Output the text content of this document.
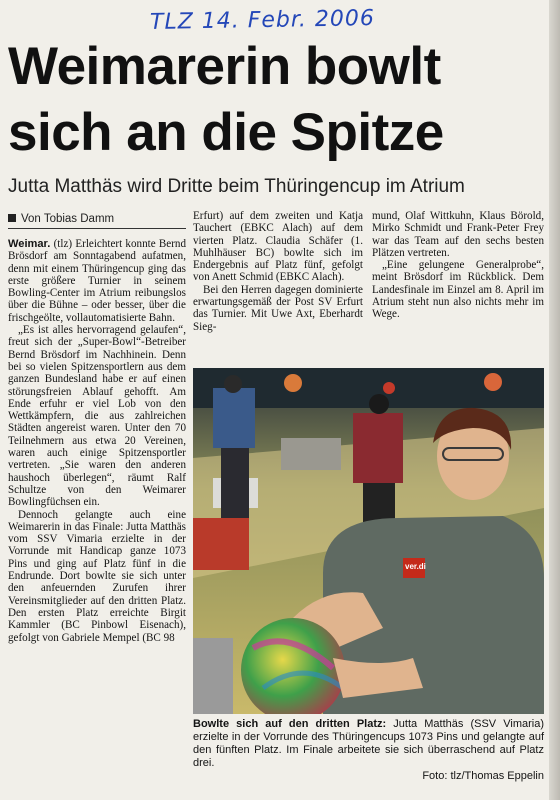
TLZ 14. Febr. 2006
Weimarerin bowlt
sich an die Spitze
Jutta Matthäs wird Dritte beim Thüringencup im Atrium
Von Tobias Damm

Weimar. (tlz) Erleichtert konnte Bernd Brösdorf am Sonntagabend aufatmen, denn mit einem Thüringencup ging das erste größere Turnier in seinem Bowling-Center im Atrium reibungslos über die Bühne – oder besser, über die frischgeölte, vollautomatisierte Bahn.

„Es ist alles hervorragend gelaufen“, freut sich der „Super-Bowl“-Betreiber Bernd Brösdorf im Nachhinein. Denn bei so vielen Spitzensportlern aus dem ganzen Bundesland habe er auf einen störungsfreien Ablauf gehofft. Am Ende erfuhr er viel Lob von den Wettkämpfern, die aus zahlreichen Städten angereist waren. Unter den 70 Teilnehmern aus etwa 20 Vereinen, waren auch einige Spitzensportler vertreten. „Sie waren den anderen haushoch überlegen“, räumt Ralf Schultze von den Weimarer Bowlingfüchsen ein.

Dennoch gelangte auch eine Weimarerin in das Finale: Jutta Matthäs vom SSV Vimaria erzielte in der Vorrunde mit Handicap ganze 1073 Pins und ging auf Platz fünf in die Endrunde. Dort bowlte sie sich unter den anfeuernden Zurufen ihrer Vereinsmitglieder auf den dritten Platz. Den ersten Platz erreichte Birgit Kammler (BC Pinbowl Eisenach), gefolgt von Gabriele Mempel (BC 98

Erfurt) auf dem zweiten und Katja Tauchert (EBKC Alach) auf dem vierten Platz. Claudia Schäfer (1. Muhlhäuser BC) bowlte sich im Endergebnis auf Platz fünf, gefolgt von Anett Schmid (EBKC Alach).

Bei den Herren dagegen dominierte erwartungsgemäß der Post SV Erfurt das Turnier. Mit Uwe Axt, Eberhardt Sieg-

mund, Olaf Wittkuhn, Klaus Börold, Mirko Schmidt und Frank-Peter Frey war das Team auf den sechs besten Plätzen vertreten.

„Eine gelungene Generalprobe“, meint Brösdorf im Rückblick. Dem Landesfinale im Einzel am 8. April im Atrium steht nun also nichts mehr im Wege.

ver.di
Bowlte sich auf den dritten Platz: Jutta Matthäs (SSV Vimaria) erzielte in der Vorrunde des Thüringencups 1073 Pins und gelangte auf den fünften Platz. Im Finale arbeitete sie sich überraschend auf Platz drei.
Foto: tlz/Thomas Eppelin
